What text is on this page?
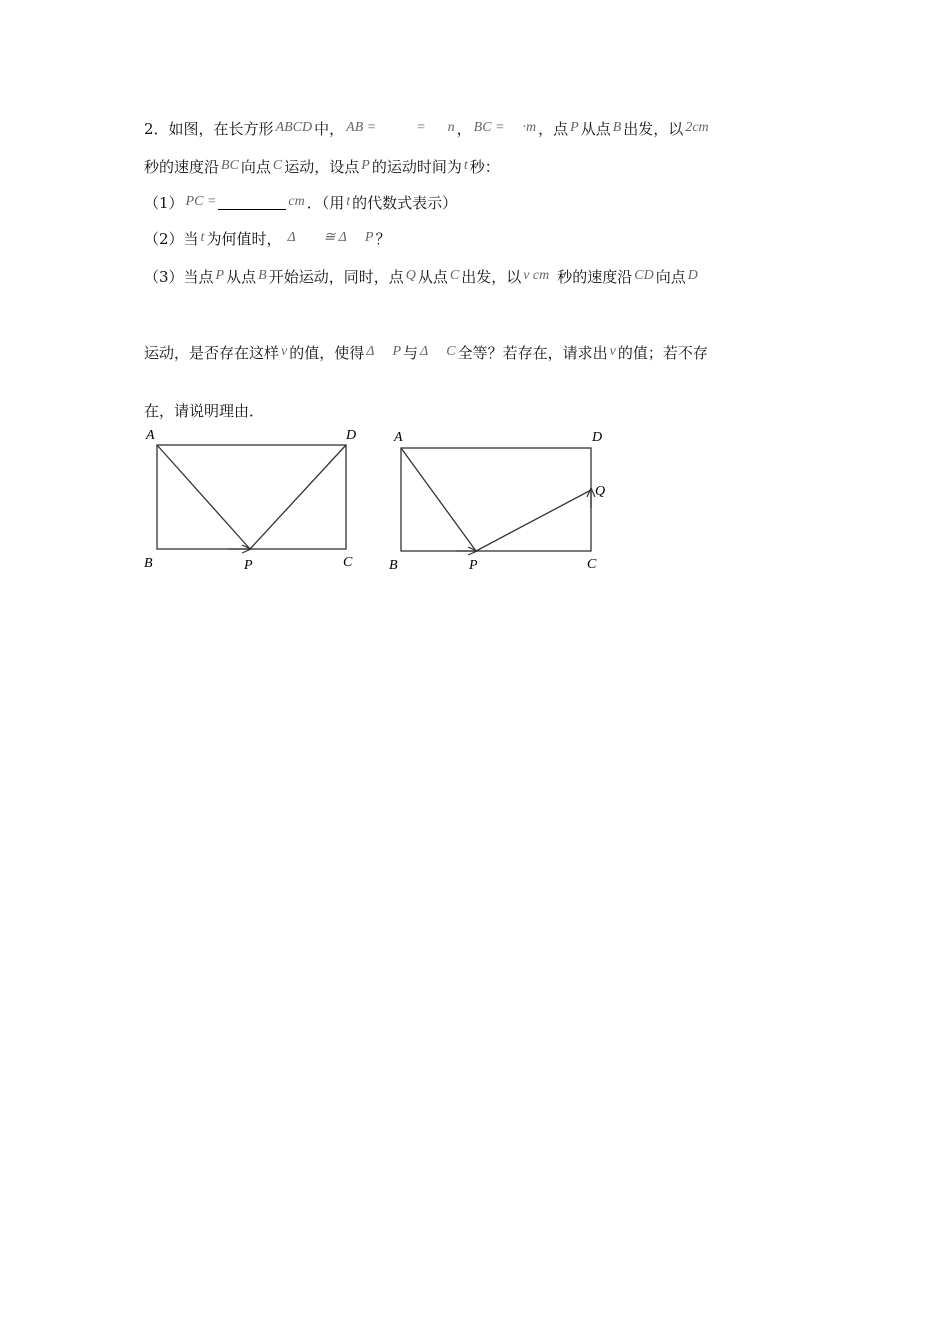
2．如图，在长方形 ABCD 中， AB =	= n ， BC = ·m ，点 P 从点 B 出发，以 2cm
秒的速度沿 BC 向点 C 运动，设点 P 的运动时间为 t 秒：
（1） PC =	cm ．（用 t 的代数式表示）
（2）当 t 为何值时， Δ ≅ Δ P ？
（3）当点 P 从点 B 开始运动，同时，点 Q 从点 C 出发，以 v cm 秒的速度沿 CD 向点 D
运动，是否存在这样 v 的值，使得 Δ P 与 Δ C 全等？若存在，请求出 v 的值；若不存
在，请说明理由．
A	D
B	P	C
A	D
Q
B	P	C
